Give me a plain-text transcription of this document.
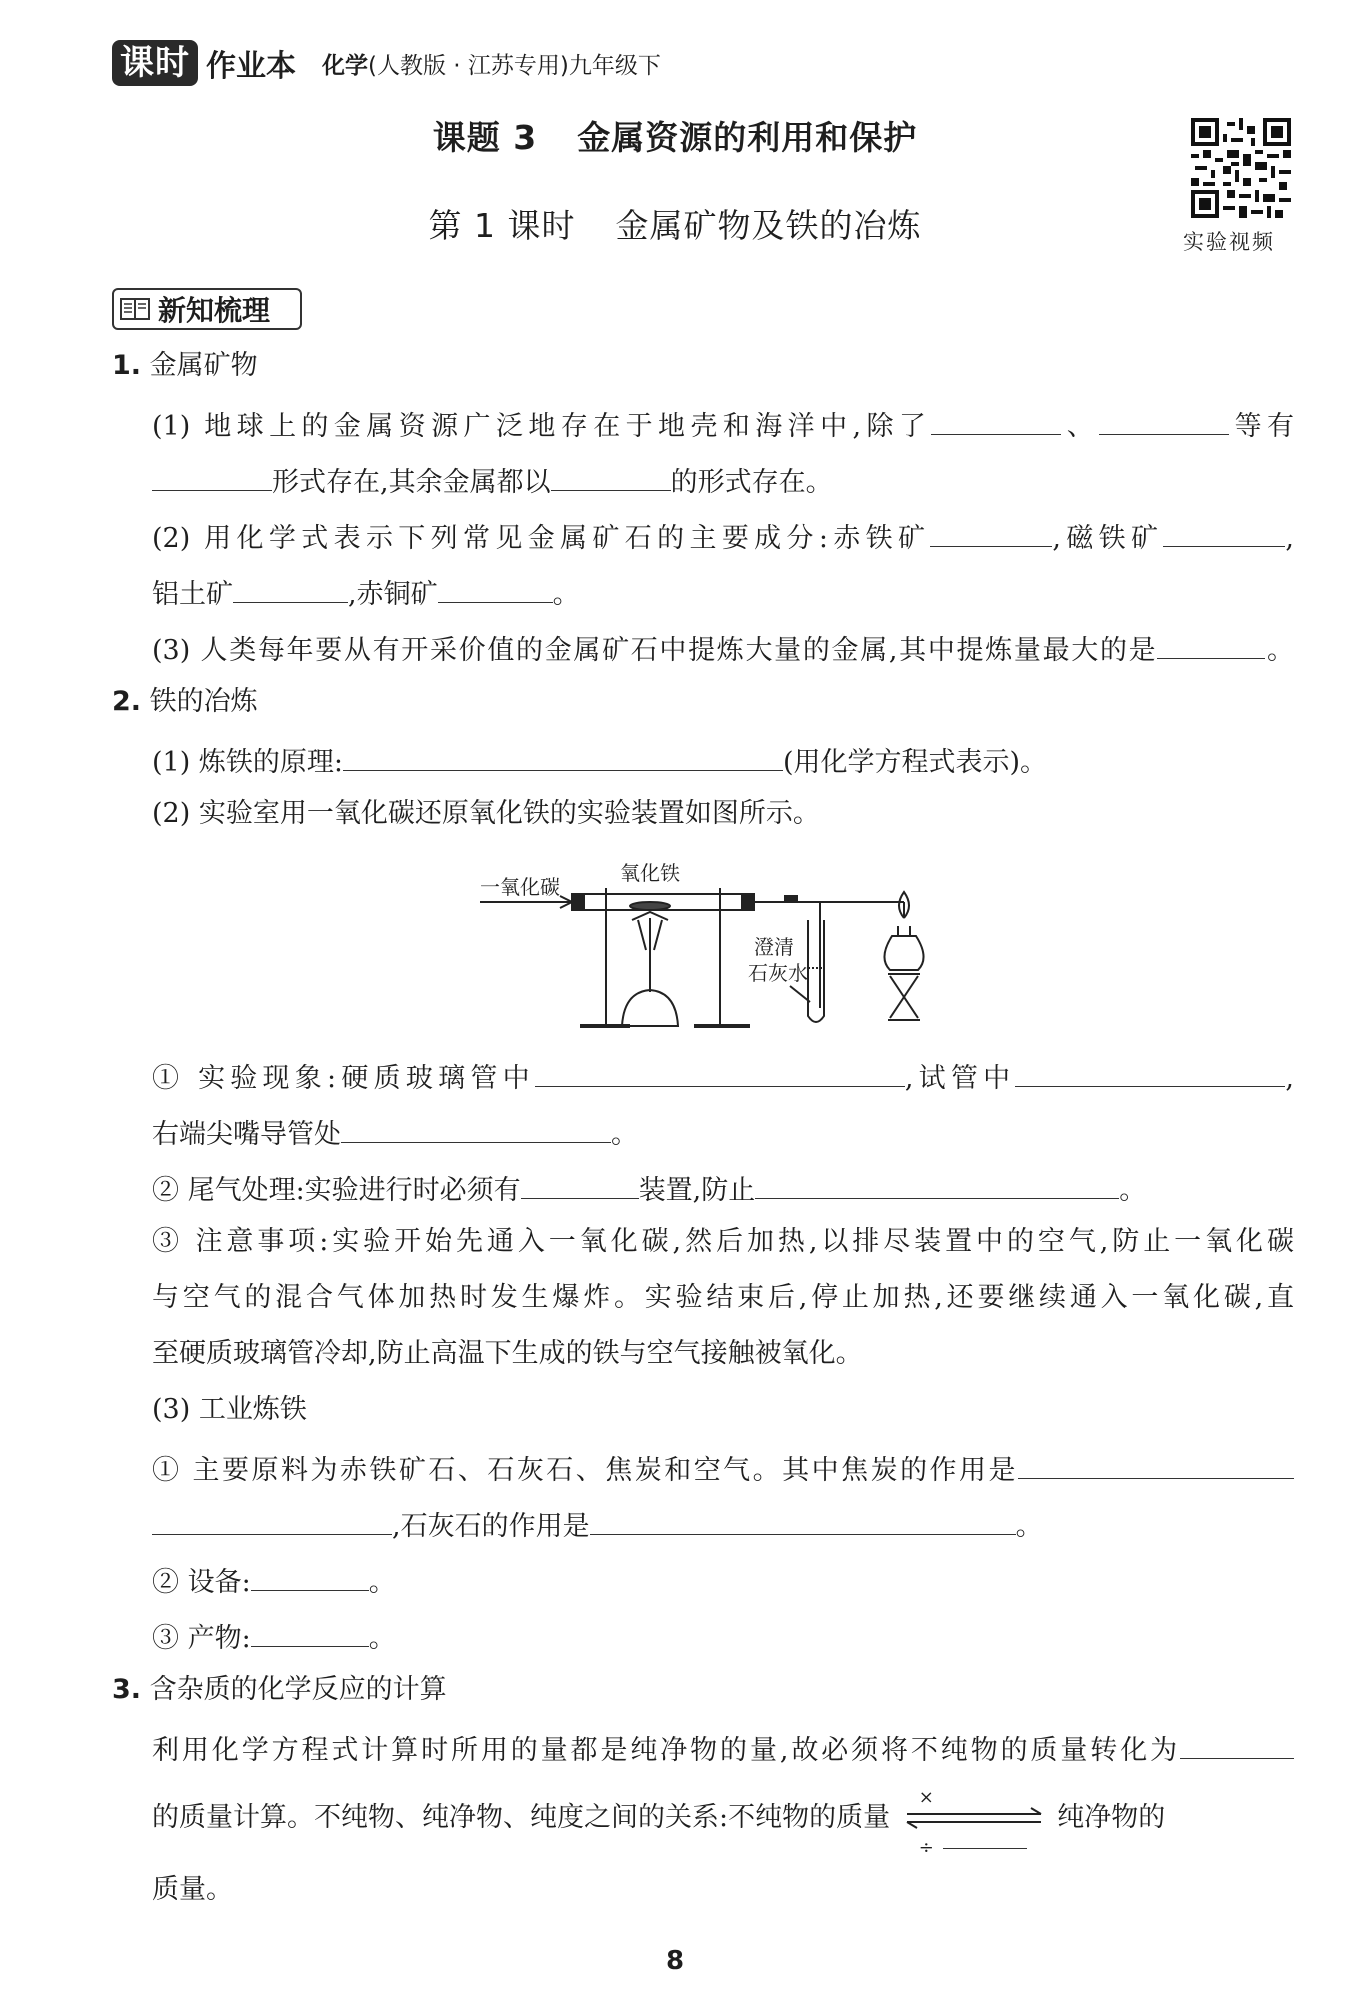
课时 作业本 化学(人教版 · 江苏专用)九年级下
课题 3 金属资源的利用和保护
第 1 课时 金属矿物及铁的冶炼	实验视频
新知梳理
1. 金属矿物
(1) 地球上的金属资源广泛地存在于地壳和海洋中,除了	、	等有
形式存在,其余金属都以	的形式存在。
(2) 用化学式表示下列常见金属矿石的主要成分:赤铁矿	,磁铁矿	,
铝土矿	,赤铜矿	。
(3) 人类每年要从有开采价值的金属矿石中提炼大量的金属,其中提炼量最大的是	。
2. 铁的冶炼
(1) 炼铁的原理:	(用化学方程式表示)。
(2) 实验室用一氧化碳还原氧化铁的实验装置如图所示。
一氧化碳
氧化铁
澄清
石灰水
① 实验现象:硬质玻璃管中	,试管中	,
右端尖嘴导管处	。
② 尾气处理:实验进行时必须有	装置,防止	。
③ 注意事项:实验开始先通入一氧化碳,然后加热,以排尽装置中的空气,防止一氧化碳
与空气的混合气体加热时发生爆炸。实验结束后,停止加热,还要继续通入一氧化碳,直
至硬质玻璃管冷却,防止高温下生成的铁与空气接触被氧化。
(3) 工业炼铁
① 主要原料为赤铁矿石、石灰石、焦炭和空气。其中焦炭的作用是
,石灰石的作用是	。
② 设备:	。
③ 产物:	。
3. 含杂质的化学反应的计算
利用化学方程式计算时所用的量都是纯净物的量,故必须将不纯物的质量转化为
的质量计算。不纯物、纯净物、纯度之间的关系:不纯物的质量
×
÷
纯净物的
质量。
8
